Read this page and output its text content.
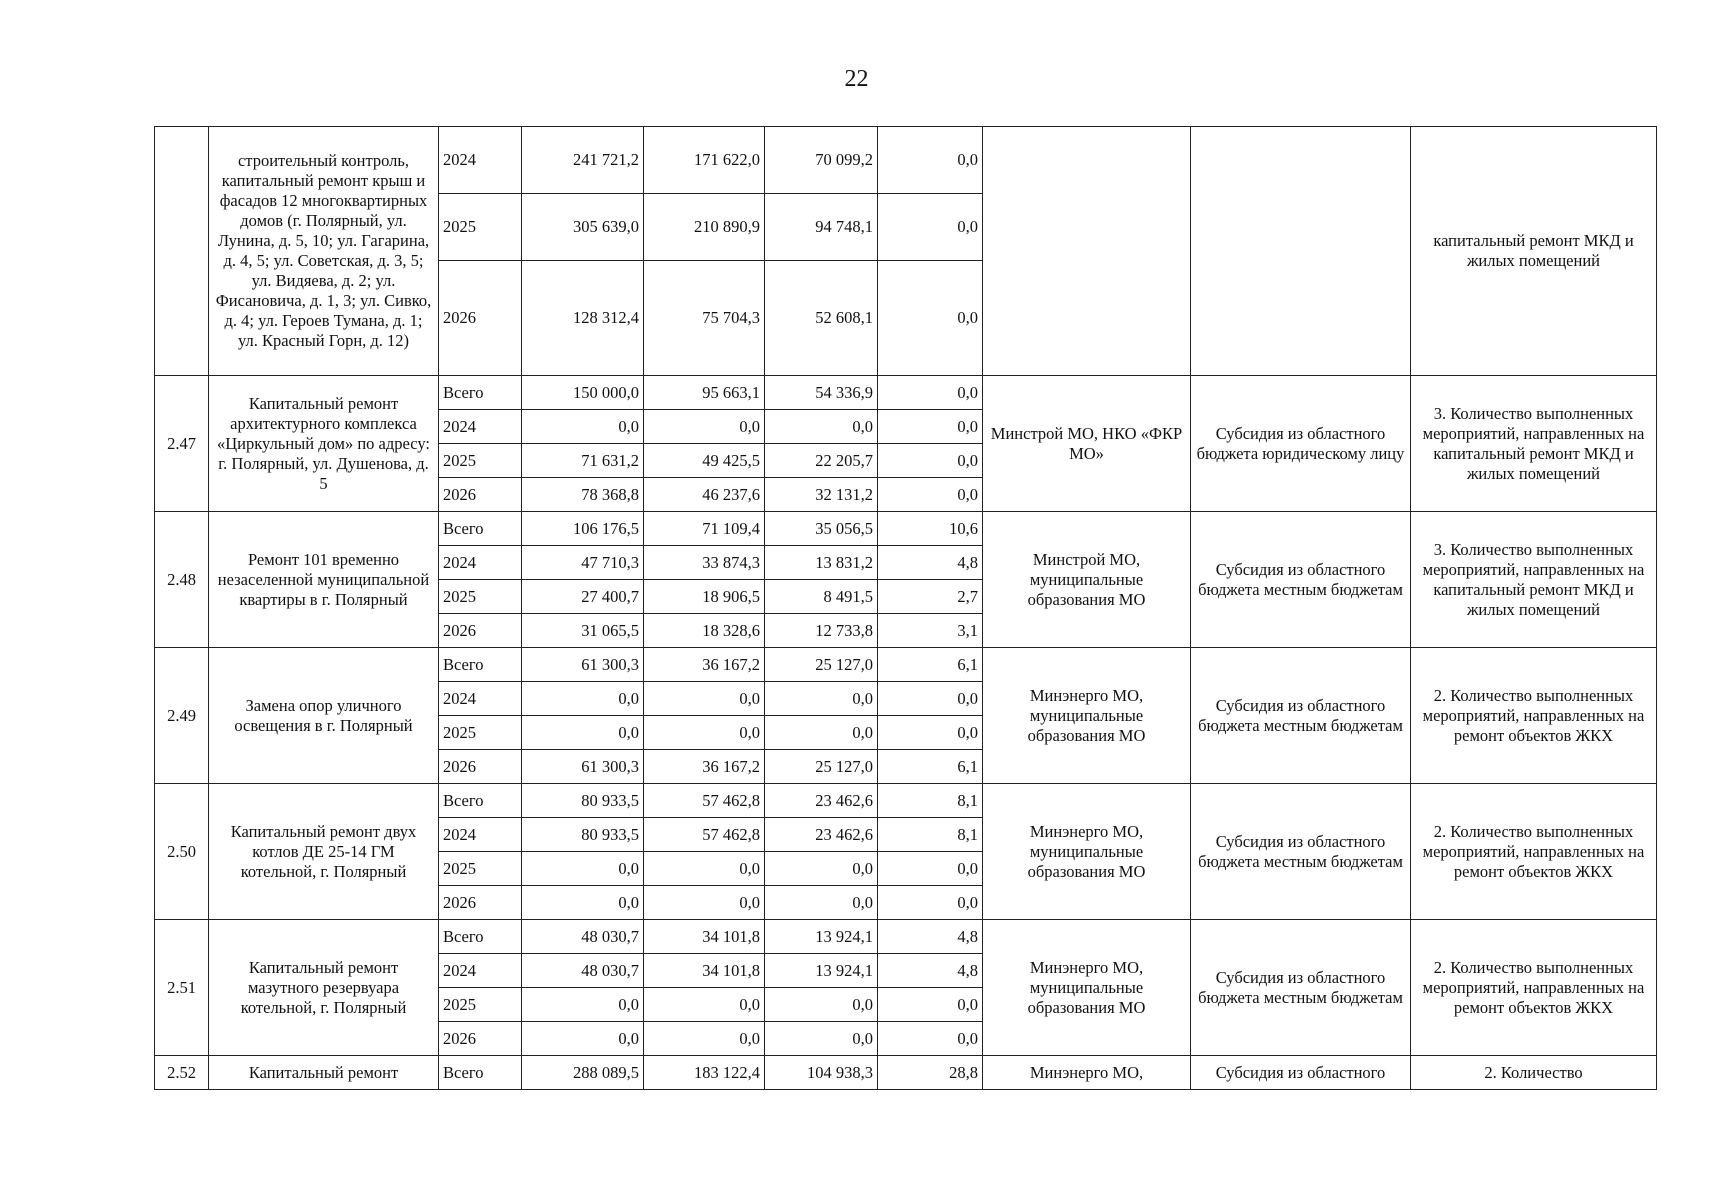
22
	строительный контроль, капитальный ремонт крыш и фасадов 12 многоквартирных домов (г. Полярный, ул. Лунина, д. 5, 10; ул. Гагарина, д. 4, 5; ул. Советская, д. 3, 5; ул. Видяева, д. 2; ул. Фисановича, д. 1, 3; ул. Сивко, д. 4; ул. Героев Тумана, д. 1; ул. Красный Горн, д. 12)	2024	241 721,2	171 622,0	70 099,2	0,0			капитальный ремонт МКД и жилых помещений
		2025	305 639,0	210 890,9	94 748,1	0,0			
		2026	128 312,4	75 704,3	52 608,1	0,0			
2.47	Капитальный ремонт архитектурного комплекса «Циркульный дом» по адресу: г. Полярный, ул. Душенова, д. 5	Всего	150 000,0	95 663,1	54 336,9	0,0	Минстрой МО, НКО «ФКР МО»	Субсидия из областного бюджета юридическому лицу	3. Количество выполненных мероприятий, направленных на капитальный ремонт МКД и жилых помещений
		2024	0,0	0,0	0,0	0,0			
		2025	71 631,2	49 425,5	22 205,7	0,0			
		2026	78 368,8	46 237,6	32 131,2	0,0			
2.48	Ремонт 101 временно незаселенной муниципальной квартиры в г. Полярный	Всего	106 176,5	71 109,4	35 056,5	10,6	Минстрой МО, муниципальные образования МО	Субсидия из областного бюджета местным бюджетам	3. Количество выполненных мероприятий, направленных на капитальный ремонт МКД и жилых помещений
		2024	47 710,3	33 874,3	13 831,2	4,8			
		2025	27 400,7	18 906,5	8 491,5	2,7			
		2026	31 065,5	18 328,6	12 733,8	3,1			
2.49	Замена опор уличного освещения в г. Полярный	Всего	61 300,3	36 167,2	25 127,0	6,1	Минэнерго МО, муниципальные образования МО	Субсидия из областного бюджета местным бюджетам	2. Количество выполненных мероприятий, направленных на ремонт объектов ЖКХ
		2024	0,0	0,0	0,0	0,0			
		2025	0,0	0,0	0,0	0,0			
		2026	61 300,3	36 167,2	25 127,0	6,1			
2.50	Капитальный ремонт двух котлов ДЕ 25-14 ГМ котельной, г. Полярный	Всего	80 933,5	57 462,8	23 462,6	8,1	Минэнерго МО, муниципальные образования МО	Субсидия из областного бюджета местным бюджетам	2. Количество выполненных мероприятий, направленных на ремонт объектов ЖКХ
		2024	80 933,5	57 462,8	23 462,6	8,1			
		2025	0,0	0,0	0,0	0,0			
		2026	0,0	0,0	0,0	0,0			
2.51	Капитальный ремонт мазутного резервуара котельной, г. Полярный	Всего	48 030,7	34 101,8	13 924,1	4,8	Минэнерго МО, муниципальные образования МО	Субсидия из областного бюджета местным бюджетам	2. Количество выполненных мероприятий, направленных на ремонт объектов ЖКХ
		2024	48 030,7	34 101,8	13 924,1	4,8			
		2025	0,0	0,0	0,0	0,0			
		2026	0,0	0,0	0,0	0,0			
2.52	Капитальный ремонт	Всего	288 089,5	183 122,4	104 938,3	28,8	Минэнерго МО,	Субсидия из областного	2. Количество
